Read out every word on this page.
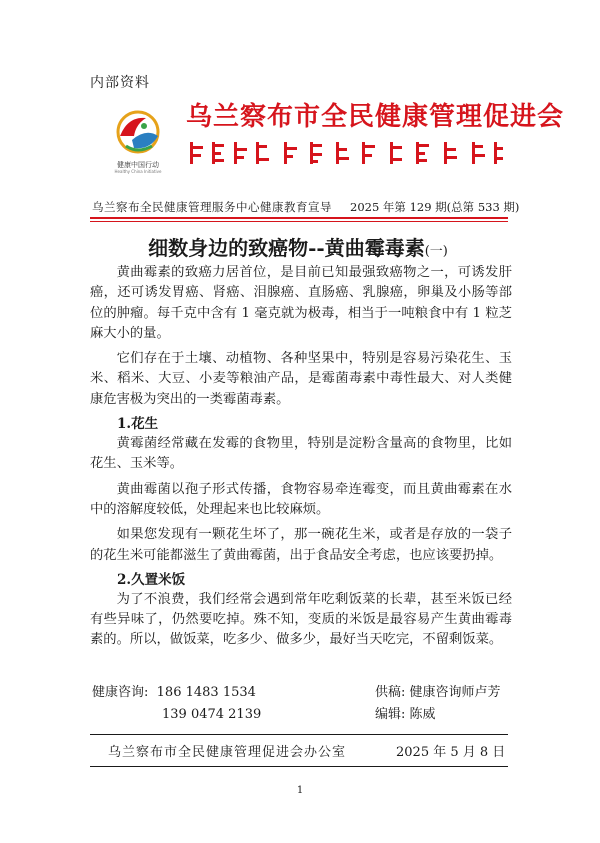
内部资料
健康中国行动
Healthy China Initiative
乌兰察布市全民健康管理促进会
乌兰察布全民健康管理服务中心健康教育宣导 2025 年第 129 期(总第 533 期)
细数身边的致癌物--黄曲霉毒素(一)

黄曲霉素的致癌力居首位，是目前已知最强致癌物之一，可诱发肝癌，还可诱发胃癌、肾癌、泪腺癌、直肠癌、乳腺癌，卵巢及小肠等部位的肿瘤。每千克中含有 1 毫克就为极毒，相当于一吨粮食中有 1 粒芝麻大小的量。

它们存在于土壤、动植物、各种坚果中，特别是容易污染花生、玉米、稻米、大豆、小麦等粮油产品，是霉菌毒素中毒性最大、对人类健康危害极为突出的一类霉菌毒素。

1.花生

黄霉菌经常藏在发霉的食物里，特别是淀粉含量高的食物里，比如花生、玉米等。

黄曲霉菌以孢子形式传播，食物容易牵连霉变，而且黄曲霉素在水中的溶解度较低，处理起来也比较麻烦。

如果您发现有一颗花生坏了，那一碗花生米，或者是存放的一袋子的花生米可能都滋生了黄曲霉菌，出于食品安全考虑，也应该要扔掉。

2.久置米饭

为了不浪费，我们经常会遇到常年吃剩饭菜的长辈，甚至米饭已经有些异味了，仍然要吃掉。殊不知，变质的米饭是最容易产生黄曲霉毒素的。所以，做饭菜，吃多少、做多少，最好当天吃完，不留剩饭菜。

健康咨询: 186 1483 1534
139 0474 2139
供稿: 健康咨询师卢芳
编辑: 陈威
乌兰察布市全民健康管理促进会办公室	2025 年 5 月 8 日
1
